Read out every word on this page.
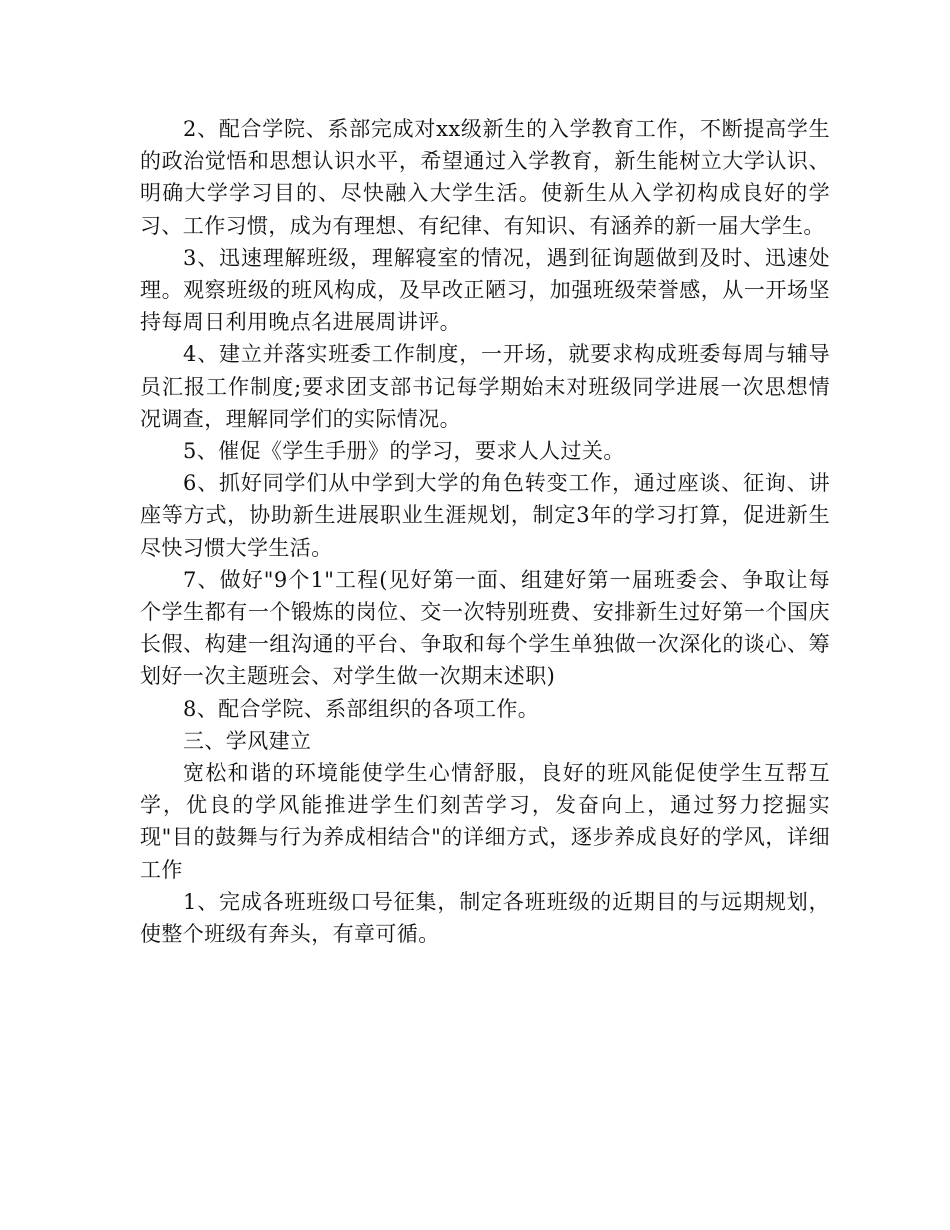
2、配合学院、系部完成对xx级新生的入学教育工作，不断提高学生的政治觉悟和思想认识水平，希望通过入学教育，新生能树立大学认识、明确大学学习目的、尽快融入大学生活。使新生从入学初构成良好的学习、工作习惯，成为有理想、有纪律、有知识、有涵养的新一届大学生。

3、迅速理解班级，理解寝室的情况，遇到征询题做到及时、迅速处理。观察班级的班风构成，及早改正陋习，加强班级荣誉感，从一开场坚持每周日利用晚点名进展周讲评。

4、建立并落实班委工作制度，一开场，就要求构成班委每周与辅导员汇报工作制度;要求团支部书记每学期始末对班级同学进展一次思想情况调查，理解同学们的实际情况。

5、催促《学生手册》的学习，要求人人过关。

6、抓好同学们从中学到大学的角色转变工作，通过座谈、征询、讲座等方式，协助新生进展职业生涯规划，制定3年的学习打算，促进新生尽快习惯大学生活。

7、做好"9个1"工程(见好第一面、组建好第一届班委会、争取让每个学生都有一个锻炼的岗位、交一次特别班费、安排新生过好第一个国庆长假、构建一组沟通的平台、争取和每个学生单独做一次深化的谈心、筹划好一次主题班会、对学生做一次期末述职)

8、配合学院、系部组织的各项工作。

三、学风建立

宽松和谐的环境能使学生心情舒服，良好的班风能促使学生互帮互学，优良的学风能推进学生们刻苦学习，发奋向上，通过努力挖掘实现"目的鼓舞与行为养成相结合"的详细方式，逐步养成良好的学风，详细工作

1、完成各班班级口号征集，制定各班班级的近期目的与远期规划，使整个班级有奔头，有章可循。
